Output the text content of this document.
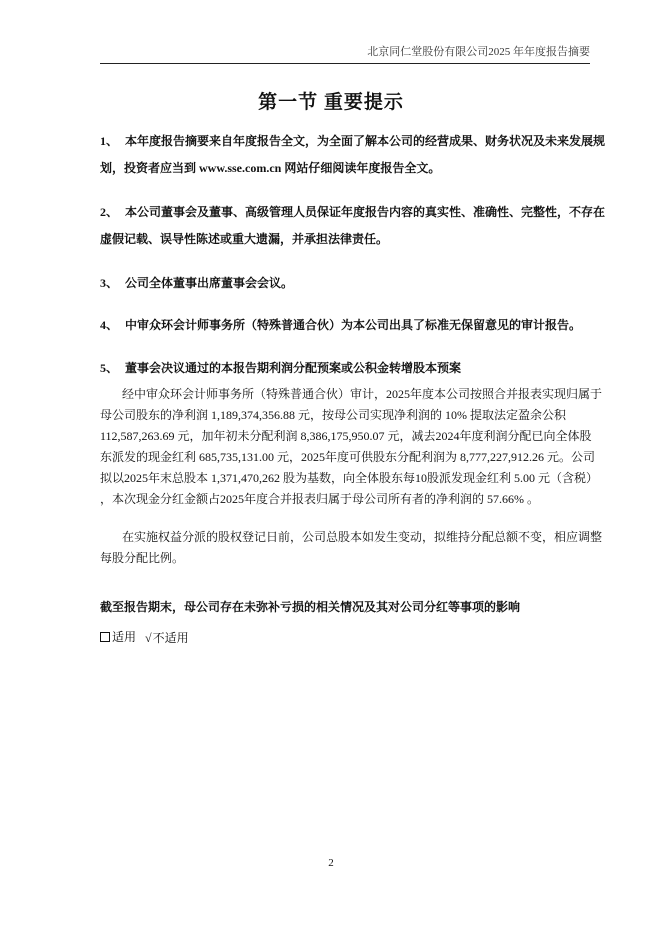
北京同仁堂股份有限公司2025 年年度报告摘要
第一节 重要提示
1、 本年度报告摘要来自年度报告全文，为全面了解本公司的经营成果、财务状况及未来发展规
划，投资者应当到 www.sse.com.cn 网站仔细阅读年度报告全文。
2、 本公司董事会及董事、高级管理人员保证年度报告内容的真实性、准确性、完整性，不存在
虚假记载、误导性陈述或重大遗漏，并承担法律责任。
3、 公司全体董事出席董事会会议。
4、 中审众环会计师事务所（特殊普通合伙）为本公司出具了标准无保留意见的审计报告。
5、 董事会决议通过的本报告期利润分配预案或公积金转增股本预案
经中审众环会计师事务所（特殊普通合伙）审计，2025年度本公司按照合并报表实现归属于
母公司股东的净利润 1,189,374,356.88 元，按母公司实现净利润的 10% 提取法定盈余公积
112,587,263.69 元，加年初未分配利润 8,386,175,950.07 元，减去2024年度利润分配已向全体股
东派发的现金红利 685,735,131.00 元，2025年度可供股东分配利润为 8,777,227,912.26 元。公司
拟以2025年末总股本 1,371,470,262 股为基数，向全体股东每10股派发现金红利 5.00 元（含税）
，本次现金分红金额占2025年度合并报表归属于母公司所有者的净利润的 57.66% 。
在实施权益分派的股权登记日前，公司总股本如发生变动，拟维持分配总额不变，相应调整
每股分配比例。
截至报告期末，母公司存在未弥补亏损的相关情况及其对公司分红等事项的影响
适用
√ 不适用
2
